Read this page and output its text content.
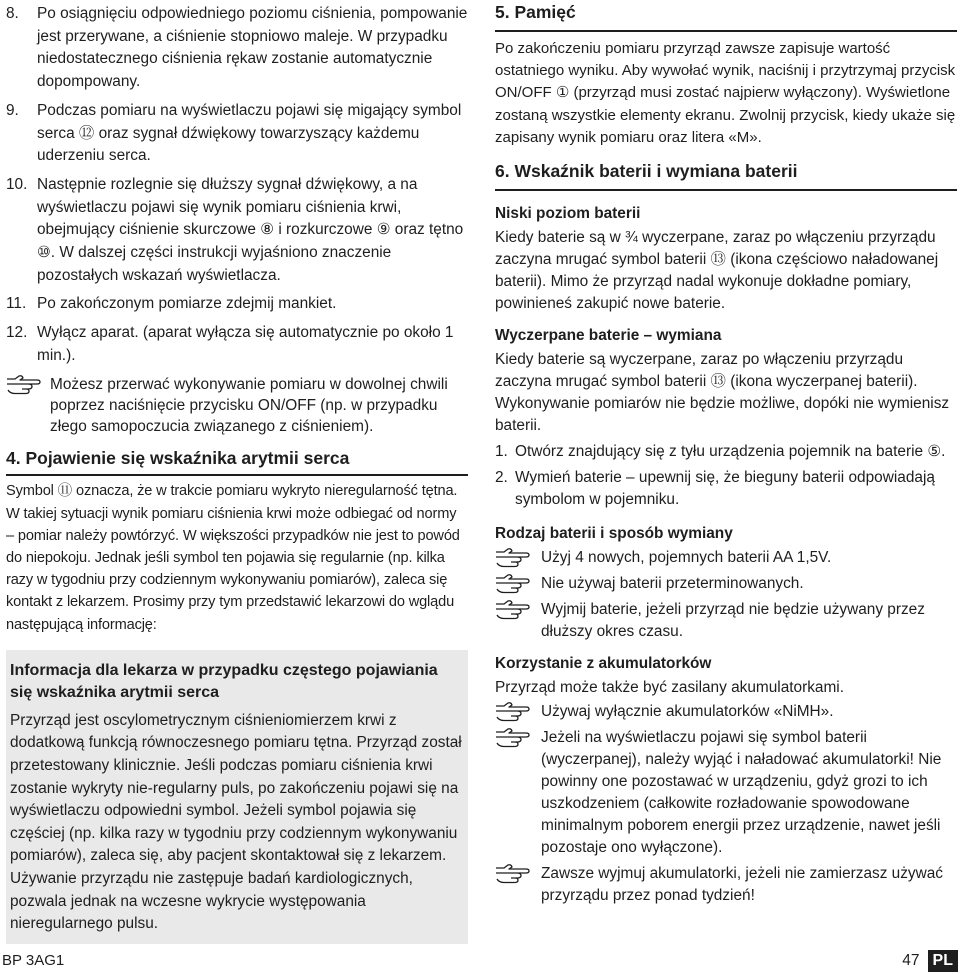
8.	Po osiągnięciu odpowiedniego poziomu ciśnienia, pompowanie jest przerywane, a ciśnienie stopniowo maleje. W przypadku niedostatecznego ciśnienia rękaw zostanie automatycznie dopompowany.
9.	Podczas pomiaru na wyświetlaczu pojawi się migający symbol serca ⑫ oraz sygnał dźwiękowy towarzyszący każdemu uderzeniu serca.
10. Następnie rozlegnie się dłuższy sygnał dźwiękowy, a na wyświetlaczu pojawi się wynik pomiaru ciśnienia krwi, obejmujący ciśnienie skurczowe ⑧ i rozkurczowe ⑨ oraz tętno ⑩. W dalszej części instrukcji wyjaśniono znaczenie pozostałych wskazań wyświetlacza.
11. Po zakończonym pomiarze zdejmij mankiet.
12. Wyłącz aparat. (aparat wyłącza się automatycznie po około 1 min.).
Możesz przerwać wykonywanie pomiaru w dowolnej chwili poprzez naciśnięcie przycisku ON/OFF (np. w przypadku złego samopoczucia związanego z ciśnieniem).
4. Pojawienie się wskaźnika arytmii serca

Symbol ⑪ oznacza, że w trakcie pomiaru wykryto nieregularność tętna. W takiej sytuacji wynik pomiaru ciśnienia krwi może odbiegać od normy – pomiar należy powtórzyć. W większości przypadków nie jest to powód do niepokoju. Jednak jeśli symbol ten pojawia się regularnie (np. kilka razy w tygodniu przy codziennym wykonywaniu pomiarów), zaleca się kontakt z lekarzem. Prosimy przy tym przedstawić lekarzowi do wglądu następującą informację:

Informacja dla lekarza w przypadku częstego pojawiania się wskaźnika arytmii serca

Przyrząd jest oscylometrycznym ciśnieniomierzem krwi z dodatkową funkcją równoczesnego pomiaru tętna. Przyrząd został przetestowany klinicznie. Jeśli podczas pomiaru ciśnienia krwi zostanie wykryty nie-regularny puls, po zakończeniu pojawi się na wyświetlaczu odpowiedni symbol. Jeżeli symbol pojawia się częściej (np. kilka razy w tygodniu przy codziennym wykonywaniu pomiarów), zaleca się, aby pacjent skontaktował się z lekarzem. Używanie przyrządu nie zastępuje badań kardiologicznych, pozwala jednak na wczesne wykrycie występowania nieregularnego pulsu.

5. Pamięć

Po zakończeniu pomiaru przyrząd zawsze zapisuje wartość ostatniego wyniku. Aby wywołać wynik, naciśnij i przytrzymaj przycisk ON/OFF ① (przyrząd musi zostać najpierw wyłączony). Wyświetlone zostaną wszystkie elementy ekranu. Zwolnij przycisk, kiedy ukaże się zapisany wynik pomiaru oraz litera «M».

6. Wskaźnik baterii i wymiana baterii
Niski poziom baterii

Kiedy baterie są w ¾ wyczerpane, zaraz po włączeniu przyrządu zaczyna mrugać symbol baterii ⑬ (ikona częściowo naładowanej baterii). Mimo że przyrząd nadal wykonuje dokładne pomiary, powinieneś zakupić nowe baterie.

Wyczerpane baterie – wymiana

Kiedy baterie są wyczerpane, zaraz po włączeniu przyrządu zaczyna mrugać symbol baterii ⑬ (ikona wyczerpanej baterii). Wykonywanie pomiarów nie będzie możliwe, dopóki nie wymienisz baterii.

1. Otwórz znajdujący się z tyłu urządzenia pojemnik na baterie ⑤.
2. Wymień baterie – upewnij się, że bieguny baterii odpowiadają symbolom w pojemniku.
Rodzaj baterii i sposób wymiany
Użyj 4 nowych, pojemnych baterii AA 1,5V.
Nie używaj baterii przeterminowanych.
Wyjmij baterie, jeżeli przyrząd nie będzie używany przez dłuższy okres czasu.
Korzystanie z akumulatorków

Przyrząd może także być zasilany akumulatorkami.

Używaj wyłącznie akumulatorków «NiMH».
Jeżeli na wyświetlaczu pojawi się symbol baterii (wyczerpanej), należy wyjąć i naładować akumulatorki! Nie powinny one pozostawać w urządzeniu, gdyż grozi to ich uszkodzeniem (całkowite rozładowanie spowodowane minimalnym poborem energii przez urządzenie, nawet jeśli pozostaje ono wyłączone).
Zawsze wyjmuj akumulatorki, jeżeli nie zamierzasz używać przyrządu przez ponad tydzień!
BP 3AG1	47 PL
